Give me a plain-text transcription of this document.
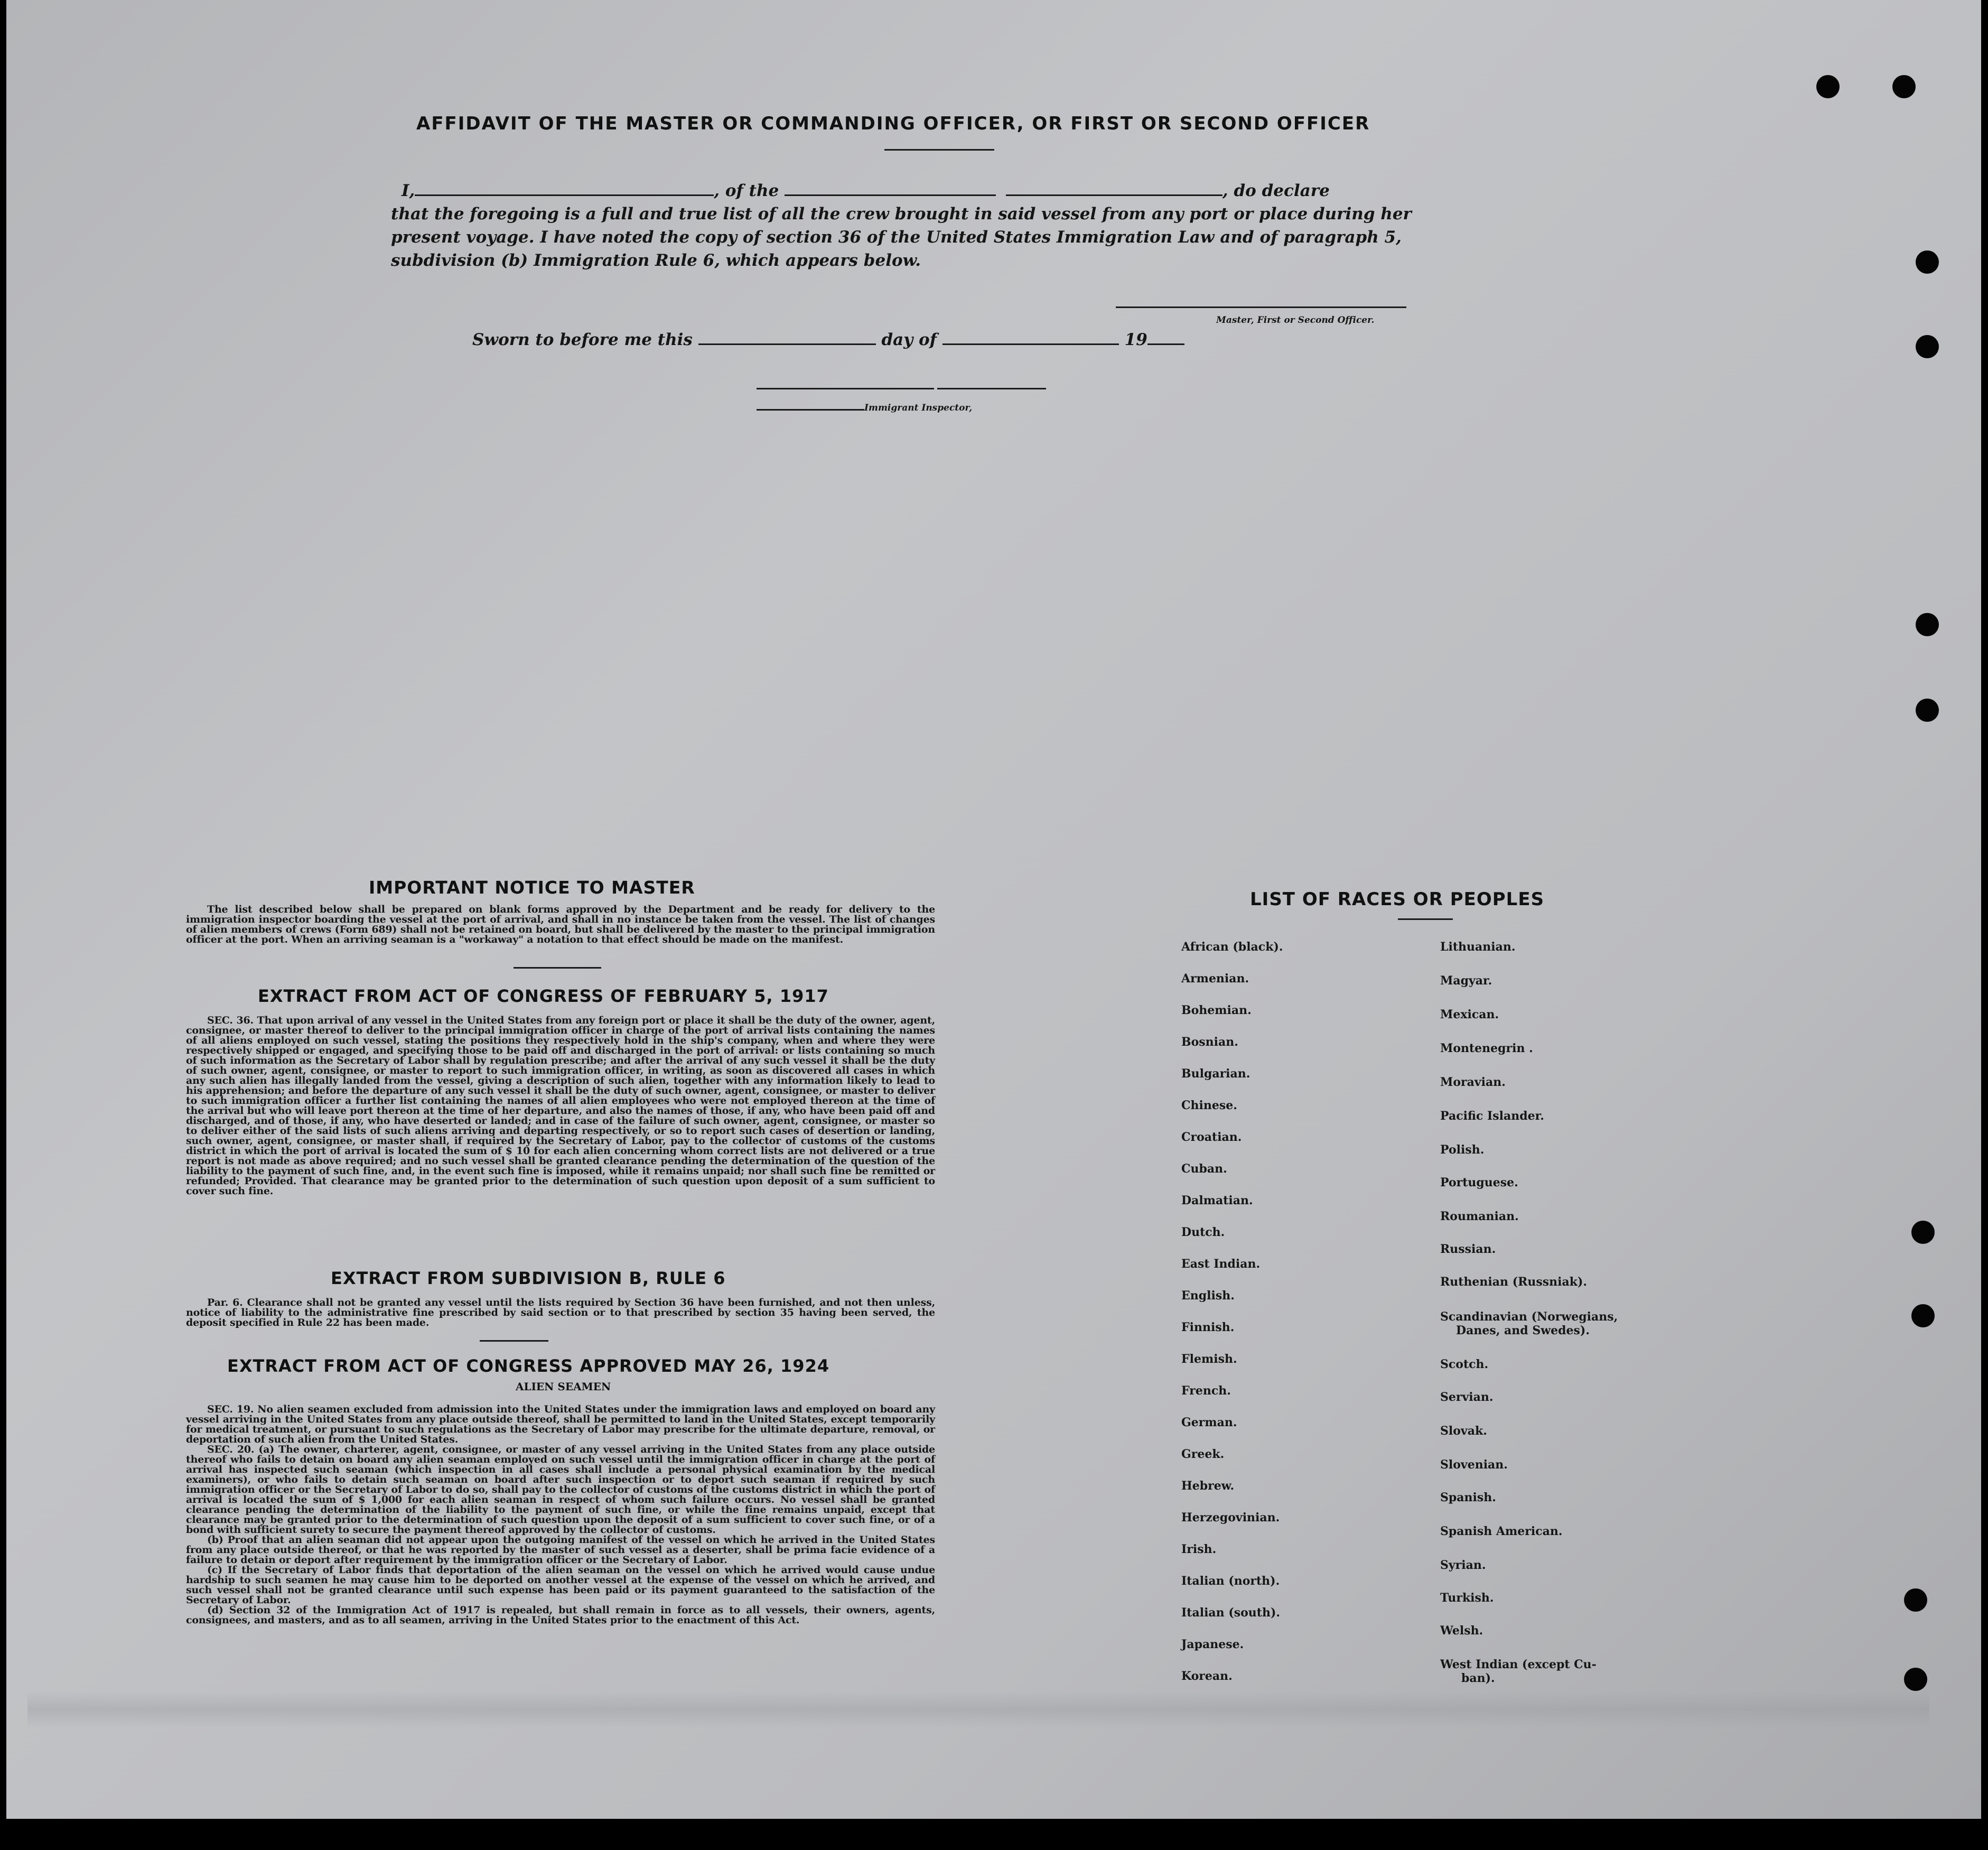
AFFIDAVIT OF THE MASTER OR COMMANDING OFFICER, OR FIRST OR SECOND OFFICER
I,	, of the	, do declare
that the foregoing is a full and true list of all the crew brought in said vessel from any port or place during her
present voyage. I have noted the copy of section 36 of the United States Immigration Law and of paragraph 5,
subdivision (b) Immigration Rule 6, which appears below.
Master, First or Second Officer.
Sworn to before me this	day of	19
Immigrant Inspector,
IMPORTANT NOTICE TO MASTER

The list described below shall be prepared on blank forms approved by the Department and be ready for delivery to the immigration inspector boarding the vessel at the port of arrival, and shall in no instance be taken from the vessel. The list of changes of alien members of crews (Form 689) shall not be retained on board, but shall be delivered by the master to the principal immigration officer at the port. When an arriving seaman is a "workaway" a notation to that effect should be made on the manifest.

EXTRACT FROM ACT OF CONGRESS OF FEBRUARY 5, 1917

SEC. 36. That upon arrival of any vessel in the United States from any foreign port or place it shall be the duty of the owner, agent, consignee, or master thereof to deliver to the principal immigration officer in charge of the port of arrival lists containing the names of all aliens employed on such vessel, stating the positions they respectively hold in the ship's company, when and where they were respectively shipped or engaged, and specifying those to be paid off and discharged in the port of arrival: or lists containing so much of such information as the Secretary of Labor shall by regulation prescribe; and after the arrival of any such vessel it shall be the duty of such owner, agent, consignee, or master to report to such immigration officer, in writing, as soon as discovered all cases in which any such alien has illegally landed from the vessel, giving a description of such alien, together with any information likely to lead to his apprehension; and before the departure of any such vessel it shall be the duty of such owner, agent, consignee, or master to deliver to such immigration officer a further list containing the names of all alien employees who were not employed thereon at the time of the arrival but who will leave port thereon at the time of her departure, and also the names of those, if any, who have been paid off and discharged, and of those, if any, who have deserted or landed; and in case of the failure of such owner, agent, consignee, or master so to deliver either of the said lists of such aliens arriving and departing respectively, or so to report such cases of desertion or landing, such owner, agent, consignee, or master shall, if required by the Secretary of Labor, pay to the collector of customs of the customs district in which the port of arrival is located the sum of $ 10 for each alien concerning whom correct lists are not delivered or a true report is not made as above required; and no such vessel shall be granted clearance pending the determination of the question of the liability to the payment of such fine, and, in the event such fine is imposed, while it remains unpaid; nor shall such fine be remitted or refunded; Provided. That clearance may be granted prior to the determination of such question upon deposit of a sum sufficient to cover such fine.

EXTRACT FROM SUBDIVISION B, RULE 6

Par. 6. Clearance shall not be granted any vessel until the lists required by Section 36 have been furnished, and not then unless, notice of liability to the administrative fine prescribed by said section or to that prescribed by section 35 having been served, the deposit specified in Rule 22 has been made.

EXTRACT FROM ACT OF CONGRESS APPROVED MAY 26, 1924
ALIEN SEAMEN

SEC. 19. No alien seamen excluded from admission into the United States under the immigration laws and employed on board any vessel arriving in the United States from any place outside thereof, shall be permitted to land in the United States, except temporarily for medical treatment, or pursuant to such regulations as the Secretary of Labor may prescribe for the ultimate departure, removal, or deportation of such alien from the United States.

SEC. 20. (a) The owner, charterer, agent, consignee, or master of any vessel arriving in the United States from any place outside thereof who fails to detain on board any alien seaman employed on such vessel until the immigration officer in charge at the port of arrival has inspected such seaman (which inspection in all cases shall include a personal physical examination by the medical examiners), or who fails to detain such seaman on board after such inspection or to deport such seaman if required by such immigration officer or the Secretary of Labor to do so, shall pay to the collector of customs of the customs district in which the port of arrival is located the sum of $ 1,000 for each alien seaman in respect of whom such failure occurs. No vessel shall be granted clearance pending the determination of the liability to the payment of such fine, or while the fine remains unpaid, except that clearance may be granted prior to the determination of such question upon the deposit of a sum sufficient to cover such fine, or of a bond with sufficient surety to secure the payment thereof approved by the collector of customs.

(b) Proof that an alien seaman did not appear upon the outgoing manifest of the vessel on which he arrived in the United States from any place outside thereof, or that he was reported by the master of such vessel as a deserter, shall be prima facie evidence of a failure to detain or deport after requirement by the immigration officer or the Secretary of Labor.

(c) If the Secretary of Labor finds that deportation of the alien seaman on the vessel on which he arrived would cause undue hardship to such seamen he may cause him to be deported on another vessel at the expense of the vessel on which he arrived, and such vessel shall not be granted clearance until such expense has been paid or its payment guaranteed to the satisfaction of the Secretary of Labor.

(d) Section 32 of the Immigration Act of 1917 is repealed, but shall remain in force as to all vessels, their owners, agents, consignees, and masters, and as to all seamen, arriving in the United States prior to the enactment of this Act.

LIST OF RACES OR PEOPLES
African (black).
Armenian.
Bohemian.
Bosnian.
Bulgarian.
Chinese.
Croatian.
Cuban.
Dalmatian.
Dutch.
East Indian.
English.
Finnish.
Flemish.
French.
German.
Greek.
Hebrew.
Herzegovinian.
Irish.
Italian (north).
Italian (south).
Japanese.
Korean.
Lithuanian.
Magyar.
Mexican.
Montenegrin .
Moravian.
Pacific Islander.
Polish.
Portuguese.
Roumanian.
Russian.
Ruthenian (Russniak).
Scandinavian (Norwegians,
Danes, and Swedes).
Scotch.
Servian.
Slovak.
Slovenian.
Spanish.
Spanish American.
Syrian.
Turkish.
Welsh.
West Indian (except Cu-
ban).
